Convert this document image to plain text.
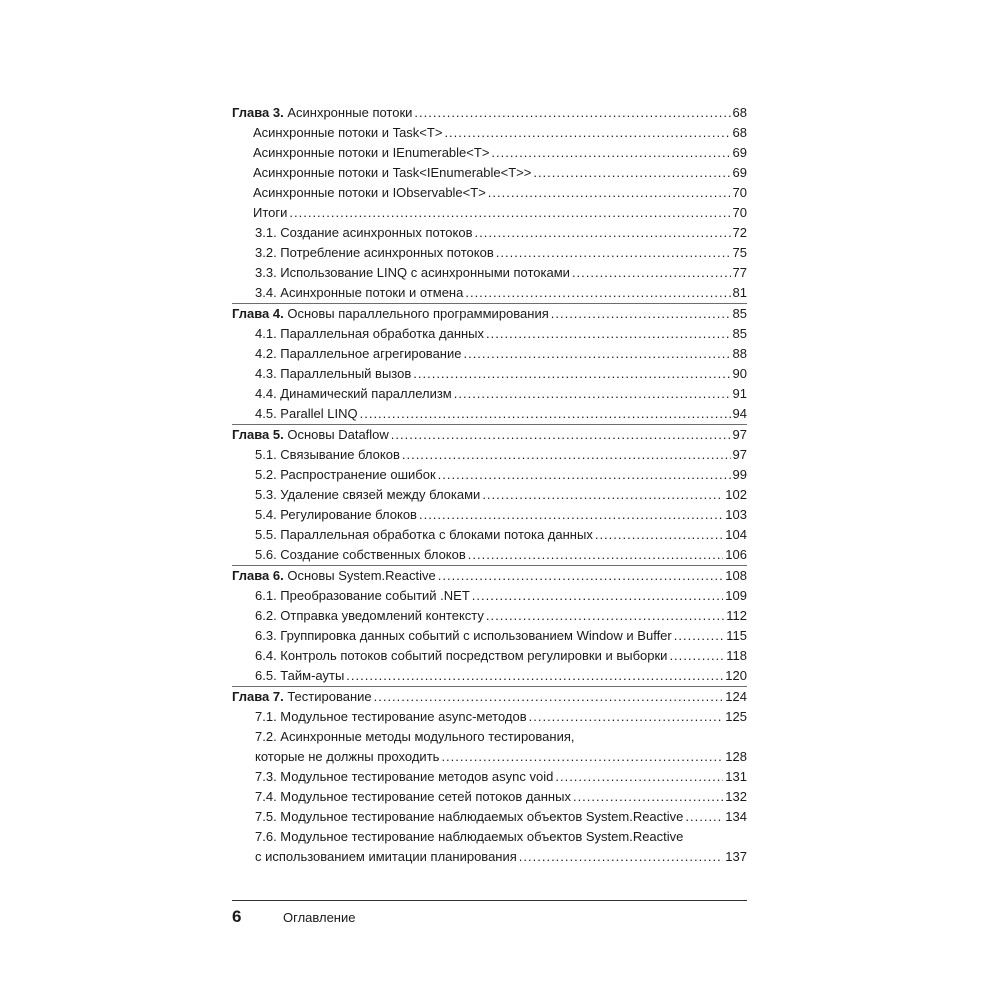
Глава 3. Асинхронные потоки .....	68
Асинхронные потоки и Task<T> .....	68
Асинхронные потоки и IEnumerable<T> .....	69
Асинхронные потоки и Task<IEnumerable<T>> .....	69
Асинхронные потоки и IObservable<T> .....	70
Итоги .....	70
3.1. Создание асинхронных потоков .....	72
3.2. Потребление асинхронных потоков .....	75
3.3. Использование LINQ с асинхронными потоками .....	77
3.4. Асинхронные потоки и отмена .....	81
Глава 4. Основы параллельного программирования .....	85
4.1. Параллельная обработка данных .....	85
4.2. Параллельное агрегирование .....	88
4.3. Параллельный вызов .....	90
4.4. Динамический параллелизм .....	91
4.5. Parallel LINQ .....	94
Глава 5. Основы Dataflow .....	97
5.1. Связывание блоков .....	97
5.2. Распространение ошибок .....	99
5.3. Удаление связей между блоками .....	102
5.4. Регулирование блоков .....	103
5.5. Параллельная обработка с блоками потока данных .....	104
5.6. Создание собственных блоков .....	106
Глава 6. Основы System.Reactive .....	108
6.1. Преобразование событий .NET .....	109
6.2. Отправка уведомлений контексту .....	112
6.3. Группировка данных событий с использованием Window и Buffer .....	115
6.4. Контроль потоков событий посредством регулировки и выборки .....	118
6.5. Тайм-ауты .....	120
Глава 7. Тестирование .....	124
7.1. Модульное тестирование async-методов .....	125
7.2. Асинхронные методы модульного тестирования,
которые не должны проходить .....	128
7.3. Модульное тестирование методов async void .....	131
7.4. Модульное тестирование сетей потоков данных .....	132
7.5. Модульное тестирование наблюдаемых объектов System.Reactive .....	134
7.6. Модульное тестирование наблюдаемых объектов System.Reactive
с использованием имитации планирования .....	137
6	Оглавление
